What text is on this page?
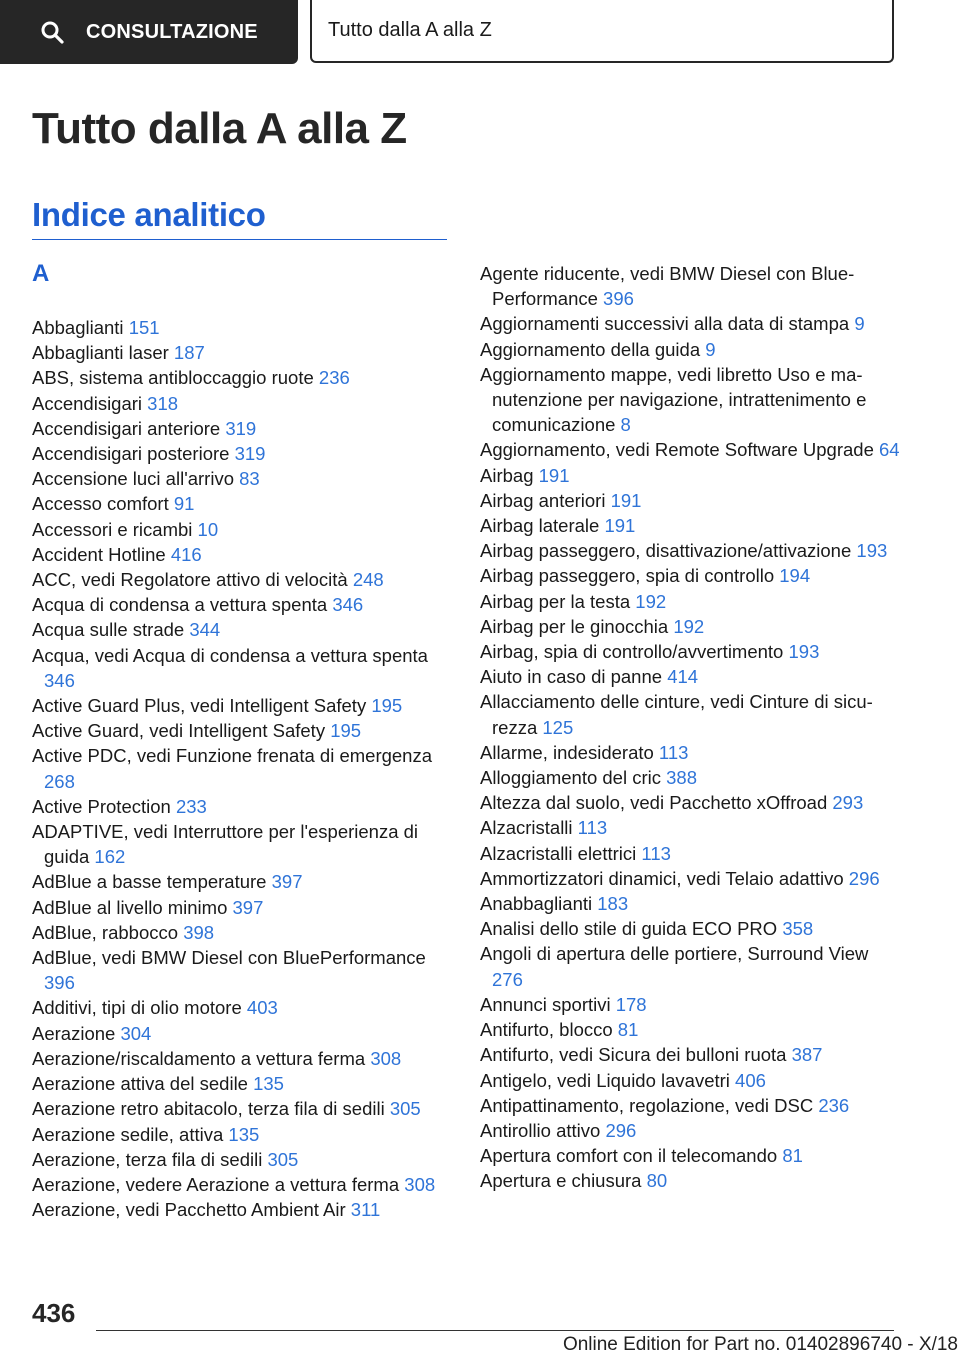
CONSULTAZIONE	Tutto dalla A alla Z
Tutto dalla A alla Z
Indice analitico
A
Abbaglianti 151
Abbaglianti laser 187
ABS, sistema antibloccaggio ruote 236
Accendisigari 318
Accendisigari anteriore 319
Accendisigari posteriore 319
Accensione luci all'arrivo 83
Accesso comfort 91
Accessori e ricambi 10
Accident Hotline 416
ACC, vedi Regolatore attivo di velocità 248
Acqua di condensa a vettura spenta 346
Acqua sulle strade 344
Acqua, vedi Acqua di condensa a vettura spenta 346
Active Guard Plus, vedi Intelligent Safety 195
Active Guard, vedi Intelligent Safety 195
Active PDC, vedi Funzione frenata di emergenza 268
Active Protection 233
ADAPTIVE, vedi Interruttore per l'esperienza di guida 162
AdBlue a basse temperature 397
AdBlue al livello minimo 397
AdBlue, rabbocco 398
AdBlue, vedi BMW Diesel con BluePerformance 396
Additivi, tipi di olio motore 403
Aerazione 304
Aerazione/riscaldamento a vettura ferma 308
Aerazione attiva del sedile 135
Aerazione retro abitacolo, terza fila di sedili 305
Aerazione sedile, attiva 135
Aerazione, terza fila di sedili 305
Aerazione, vedere Aerazione a vettura ferma 308
Aerazione, vedi Pacchetto Ambient Air 311
Agente riducente, vedi BMW Diesel con BluePerformance 396
Aggiornamenti successivi alla data di stampa 9
Aggiornamento della guida 9
Aggiornamento mappe, vedi libretto Uso e manutenzione per navigazione, intrattenimento e comunicazione 8
Aggiornamento, vedi Remote Software Upgrade 64
Airbag 191
Airbag anteriori 191
Airbag laterale 191
Airbag passeggero, disattivazione/attivazione 193
Airbag passeggero, spia di controllo 194
Airbag per la testa 192
Airbag per le ginocchia 192
Airbag, spia di controllo/avvertimento 193
Aiuto in caso di panne 414
Allacciamento delle cinture, vedi Cinture di sicurezza 125
Allarme, indesiderato 113
Alloggiamento del cric 388
Altezza dal suolo, vedi Pacchetto xOffroad 293
Alzacristalli 113
Alzacristalli elettrici 113
Ammortizzatori dinamici, vedi Telaio adattivo 296
Anabbaglianti 183
Analisi dello stile di guida ECO PRO 358
Angoli di apertura delle portiere, Surround View 276
Annunci sportivi 178
Antifurto, blocco 81
Antifurto, vedi Sicura dei bulloni ruota 387
Antigelo, vedi Liquido lavavetri 406
Antipattinamento, regolazione, vedi DSC 236
Antirollio attivo 296
Apertura comfort con il telecomando 81
Apertura e chiusura 80
436
Online Edition for Part no. 01402896740 - X/18
